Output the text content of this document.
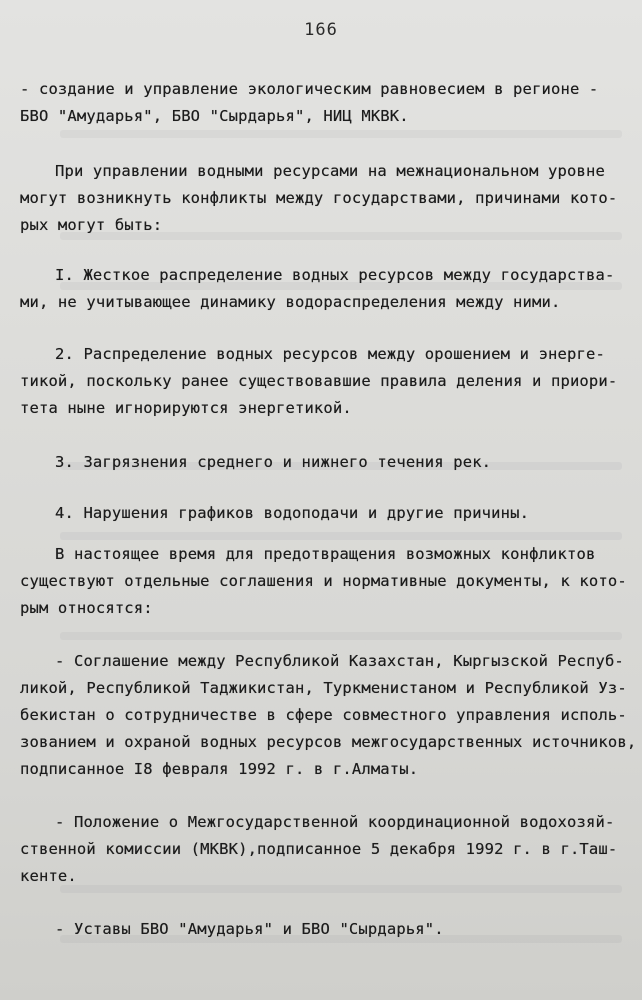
166
- создание и управление экологическим равновесием в регионе -
БВО "Амударья", БВО "Сырдарья", НИЦ МКВК.
При управлении водными ресурсами на межнациональном уровне
могут возникнуть конфликты между государствами, причинами кото-
рых могут быть:
I. Жесткое распределение водных ресурсов между государства-
ми, не учитывающее динамику водораспределения между ними.
2. Распределение водных ресурсов между орошением и энерге-
тикой, поскольку ранее существовавшие правила деления и приори-
тета ныне игнорируются энергетикой.
3. Загрязнения среднего и нижнего течения рек.
4. Нарушения графиков водоподачи и другие причины.
В настоящее время для предотвращения возможных конфликтов
существуют отдельные соглашения и нормативные документы, к кото-
рым относятся:
- Соглашение между Республикой Казахстан, Кыргызской Респуб-
ликой, Республикой Таджикистан, Туркменистаном и Республикой Уз-
бекистан о сотрудничестве в сфере совместного управления исполь-
зованием и охраной водных ресурсов межгосударственных источников,
подписанное I8 февраля 1992 г. в г.Алматы.
- Положение о Межгосударственной координационной водохозяй-
ственной комиссии (МКВК),подписанное 5 декабря 1992 г. в г.Таш-
кенте.
- Уставы БВО "Амударья" и БВО "Сырдарья".
